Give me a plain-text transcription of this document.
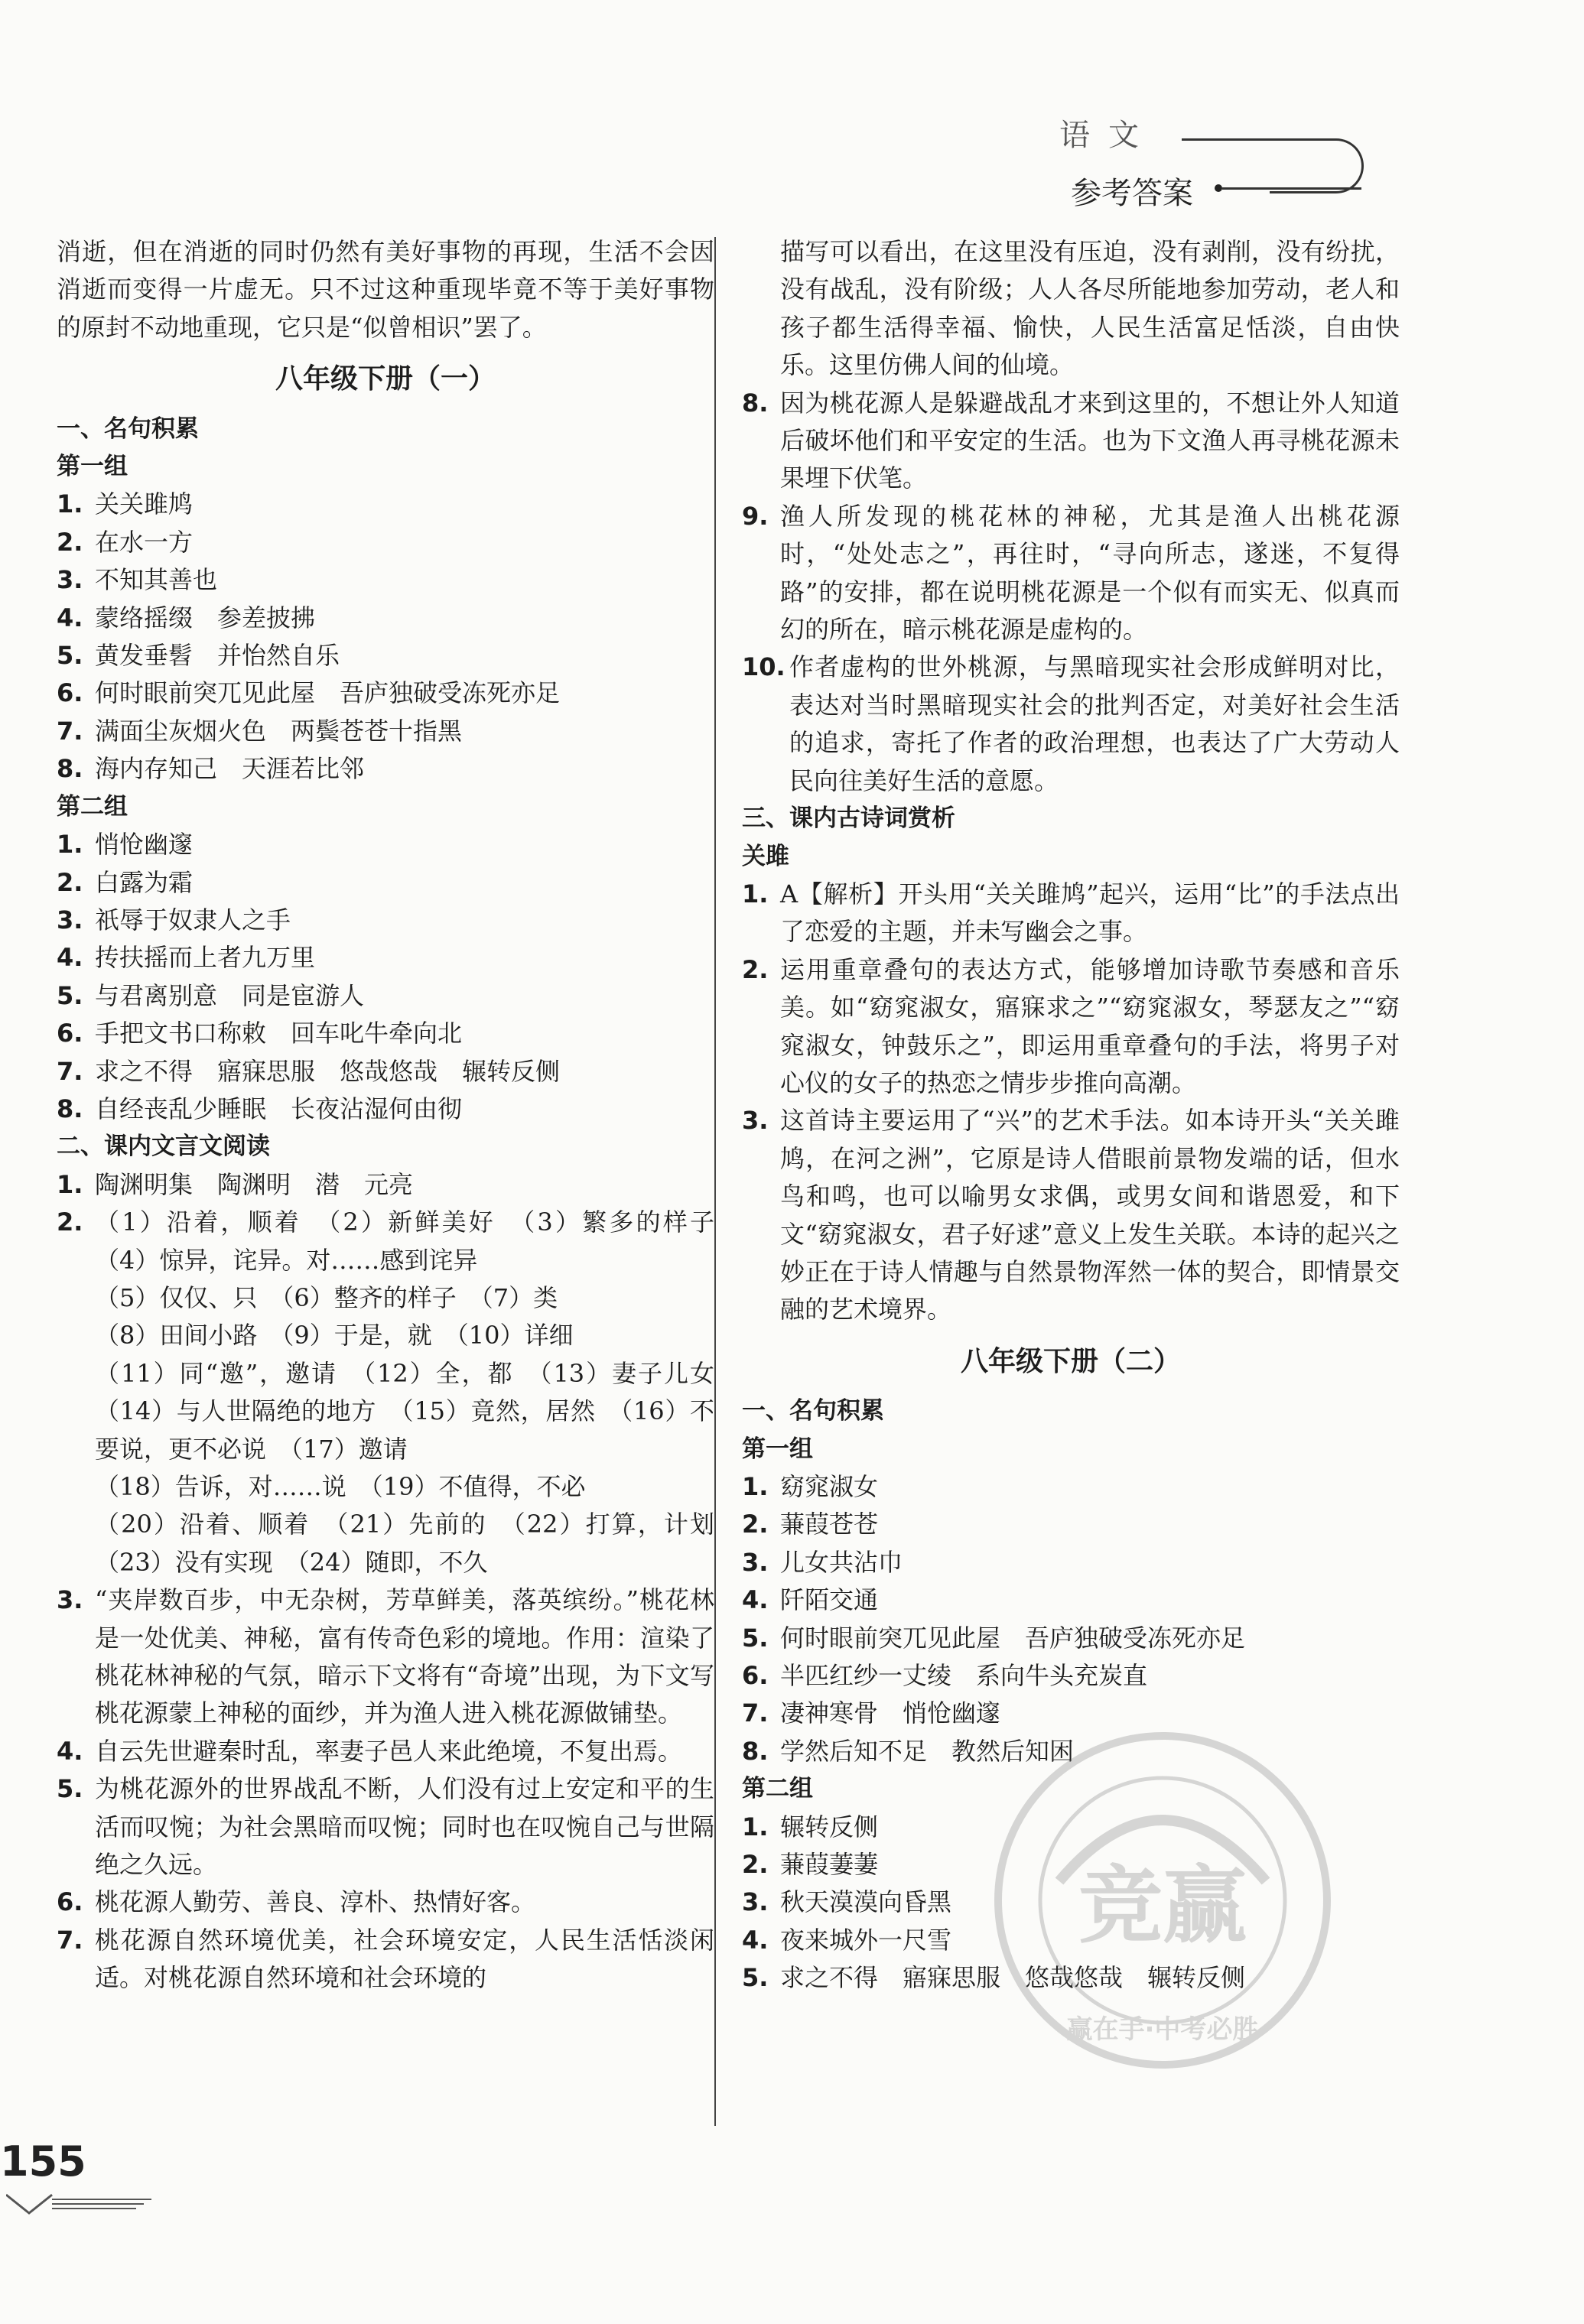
语文
参考答案
消逝，但在消逝的同时仍然有美好事物的再现，生活不会因消逝而变得一片虚无。只不过这种重现毕竟不等于美好事物的原封不动地重现，它只是“似曾相识”罢了。
八年级下册（一）
一、名句积累
第一组
1. 关关雎鸠
2. 在水一方
3. 不知其善也
4. 蒙络摇缀　参差披拂
5. 黄发垂髫　并怡然自乐
6. 何时眼前突兀见此屋　吾庐独破受冻死亦足
7. 满面尘灰烟火色　两鬓苍苍十指黑
8. 海内存知己　天涯若比邻
第二组
1. 悄怆幽邃
2. 白露为霜
3. 祇辱于奴隶人之手
4. 抟扶摇而上者九万里
5. 与君离别意　同是宦游人
6. 手把文书口称敕　回车叱牛牵向北
7. 求之不得　寤寐思服　悠哉悠哉　辗转反侧
8. 自经丧乱少睡眠　长夜沾湿何由彻
二、课内文言文阅读
1. 陶渊明集　陶渊明　潜　元亮
2. （1）沿着，顺着　（2）新鲜美好　（3）繁多的样子　（4）惊异，诧异。对……感到诧异
（5）仅仅、只　（6）整齐的样子　（7）类
（8）田间小路　（9）于是，就　（10）详细
（11）同“邀”，邀请　（12）全，都　（13）妻子儿女　（14）与人世隔绝的地方　（15）竟然，居然　（16）不要说，更不必说　（17）邀请
（18）告诉，对……说　（19）不值得，不必
（20）沿着、顺着　（21）先前的　（22）打算，计划　（23）没有实现　（24）随即，不久
3. “夹岸数百步，中无杂树，芳草鲜美，落英缤纷。”桃花林是一处优美、神秘，富有传奇色彩的境地。作用：渲染了桃花林神秘的气氛，暗示下文将有“奇境”出现，为下文写桃花源蒙上神秘的面纱，并为渔人进入桃花源做铺垫。
4. 自云先世避秦时乱，率妻子邑人来此绝境，不复出焉。
5. 为桃花源外的世界战乱不断，人们没有过上安定和平的生活而叹惋；为社会黑暗而叹惋；同时也在叹惋自己与世隔绝之久远。
6. 桃花源人勤劳、善良、淳朴、热情好客。
7. 桃花源自然环境优美，社会环境安定，人民生活恬淡闲适。对桃花源自然环境和社会环境的
描写可以看出，在这里没有压迫，没有剥削，没有纷扰，没有战乱，没有阶级；人人各尽所能地参加劳动，老人和孩子都生活得幸福、愉快，人民生活富足恬淡，自由快乐。这里仿佛人间的仙境。
8. 因为桃花源人是躲避战乱才来到这里的，不想让外人知道后破坏他们和平安定的生活。也为下文渔人再寻桃花源未果埋下伏笔。
9. 渔人所发现的桃花林的神秘，尤其是渔人出桃花源时，“处处志之”，再往时，“寻向所志，遂迷，不复得路”的安排，都在说明桃花源是一个似有而实无、似真而幻的所在，暗示桃花源是虚构的。
10. 作者虚构的世外桃源，与黑暗现实社会形成鲜明对比，表达对当时黑暗现实社会的批判否定，对美好社会生活的追求，寄托了作者的政治理想，也表达了广大劳动人民向往美好生活的意愿。
三、课内古诗词赏析
关雎
1. A【解析】开头用“关关雎鸠”起兴，运用“比”的手法点出了恋爱的主题，并未写幽会之事。
2. 运用重章叠句的表达方式，能够增加诗歌节奏感和音乐美。如“窈窕淑女，寤寐求之”“窈窕淑女，琴瑟友之”“窈窕淑女，钟鼓乐之”，即运用重章叠句的手法，将男子对心仪的女子的热恋之情步步推向高潮。
3. 这首诗主要运用了“兴”的艺术手法。如本诗开头“关关雎鸠，在河之洲”，它原是诗人借眼前景物发端的话，但水鸟和鸣，也可以喻男女求偶，或男女间和谐恩爱，和下文“窈窕淑女，君子好逑”意义上发生关联。本诗的起兴之妙正在于诗人情趣与自然景物浑然一体的契合，即情景交融的艺术境界。
八年级下册（二）
一、名句积累
第一组
1. 窈窕淑女
2. 蒹葭苍苍
3. 儿女共沾巾
4. 阡陌交通
5. 何时眼前突兀见此屋　吾庐独破受冻死亦足
6. 半匹红纱一丈绫　系向牛头充炭直
7. 凄神寒骨　悄怆幽邃
8. 学然后知不足　教然后知困
第二组
1. 辗转反侧
2. 蒹葭萋萋
3. 秋天漠漠向昏黑
4. 夜来城外一尺雪
5. 求之不得　寤寐思服　悠哉悠哉　辗转反侧
竞赢
赢在手·中考必胜
155
